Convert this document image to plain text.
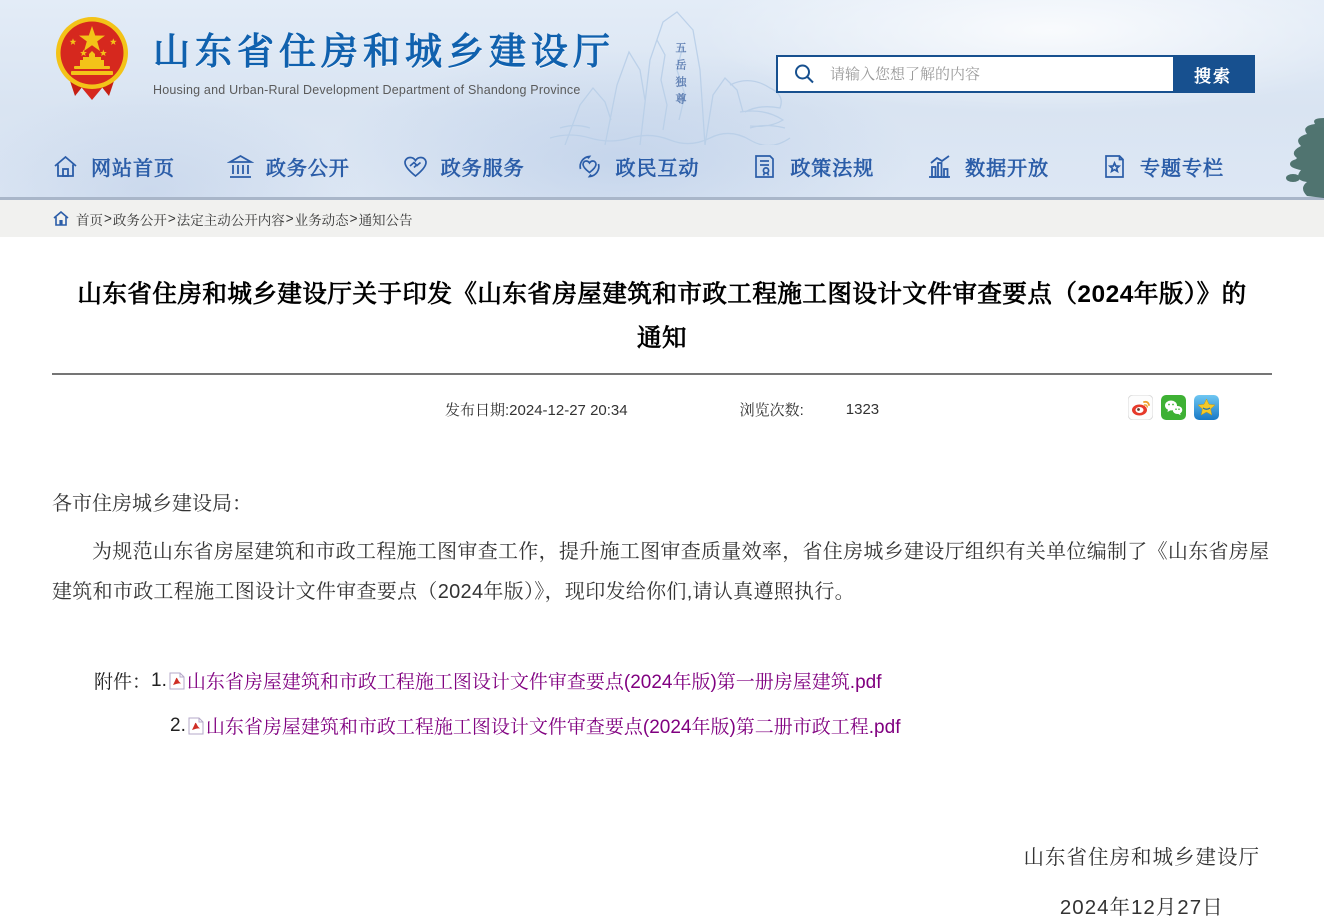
五岳独尊
山东省住房和城乡建设厅
Housing and Urban-Rural Development Department of Shandong Province
请输入您想了解的内容
搜索
网站首页	政务公开	政务服务	政民互动	政策法规	数据开放	专题专栏
首页 > 政务公开 > 法定主动公开内容 > 业务动态 > 通知公告
山东省住房和城乡建设厅关于印发《山东省房屋建筑和市政工程施工图设计文件审查要点（2024年版）》的通知
发布日期:2024-12-27 20:34	浏览次数:	1323

各市住房城乡建设局：

为规范山东省房屋建筑和市政工程施工图审查工作，提升施工图审查质量效率，省住房城乡建设厅组织有关单位编制了《山东省房屋建筑和市政工程施工图设计文件审查要点（2024年版）》，现印发给你们,请认真遵照执行。

附件： 1. 山东省房屋建筑和市政工程施工图设计文件审查要点(2024年版)第一册房屋建筑.pdf
2. 山东省房屋建筑和市政工程施工图设计文件审查要点(2024年版)第二册市政工程.pdf
山东省住房和城乡建设厅
2024年12月27日
